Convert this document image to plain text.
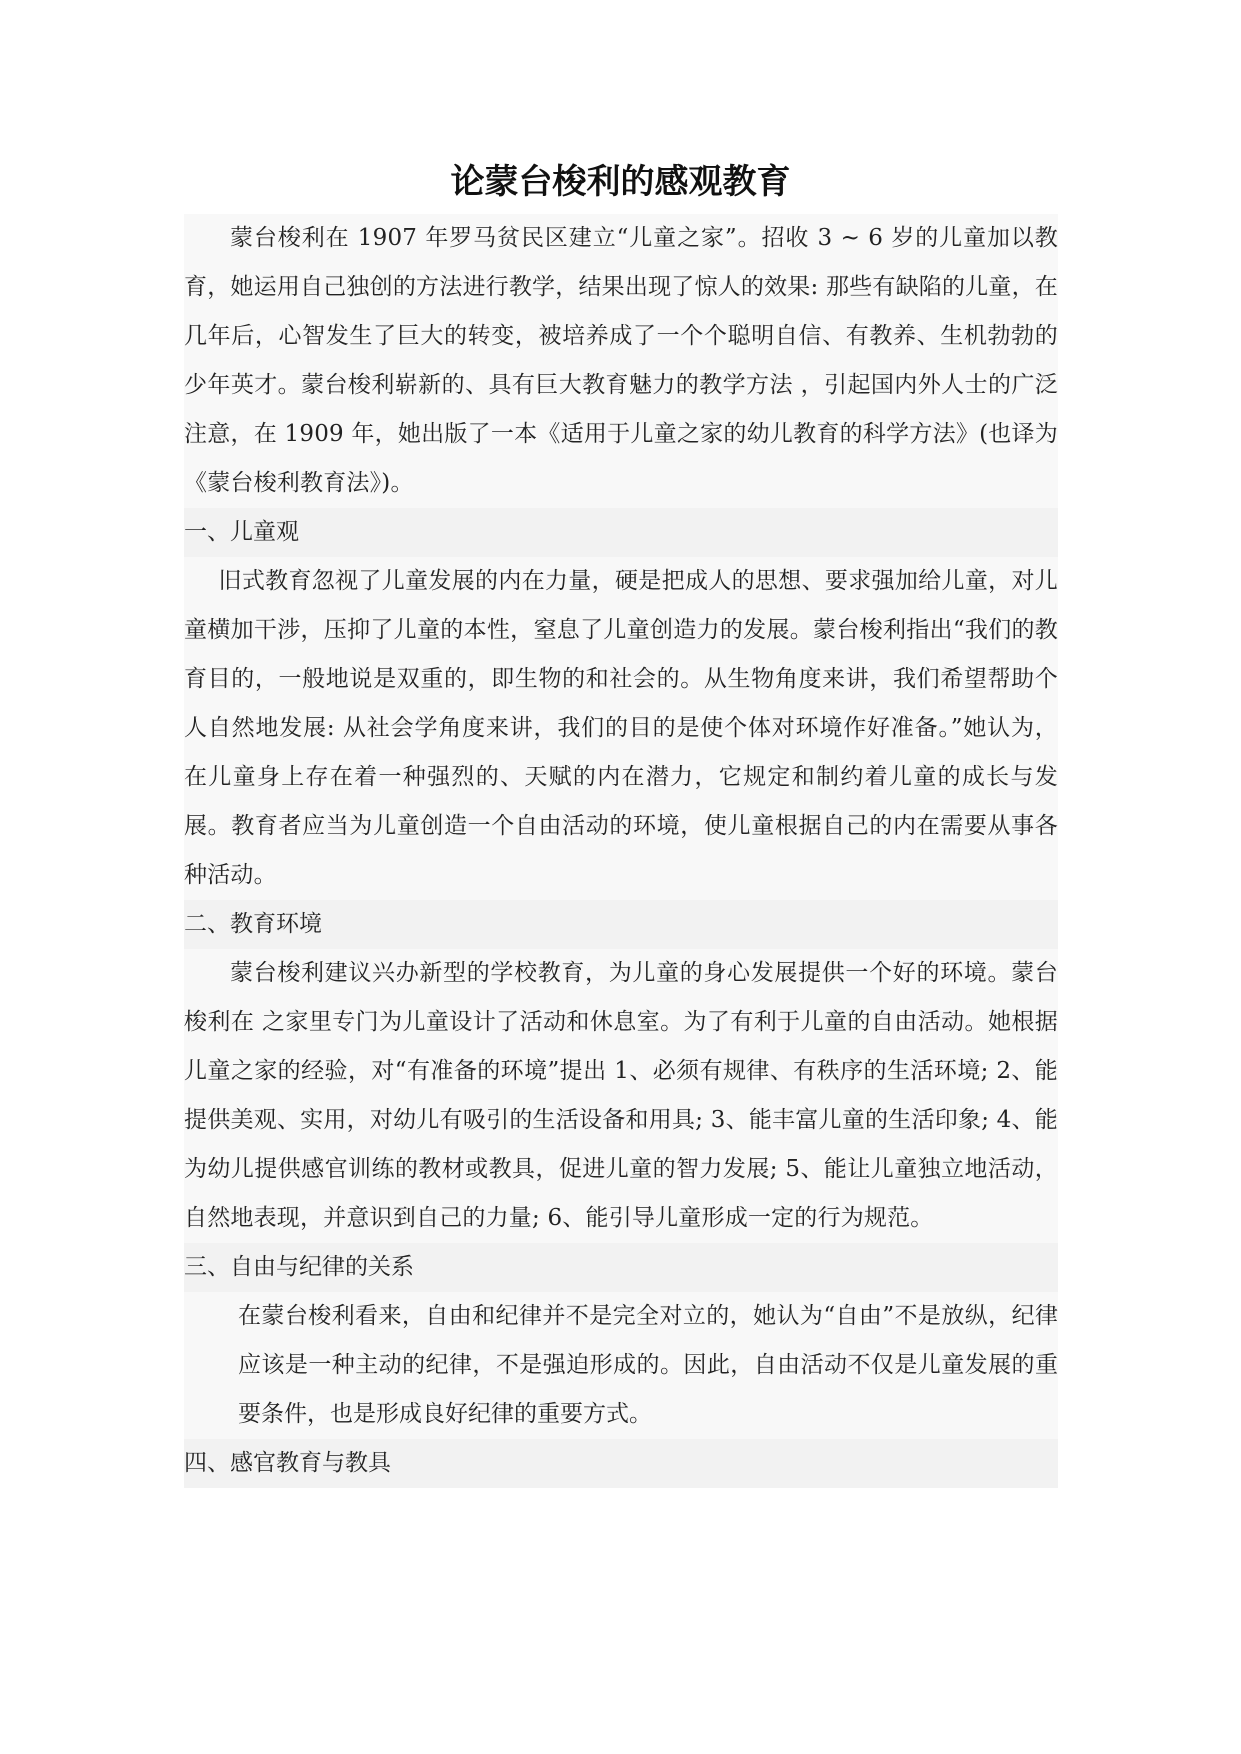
论蒙台梭利的感观教育

蒙台梭利在 1907 年罗马贫民区建立“儿童之家”。招收 3 ~ 6 岁的儿童加以教育，她运用自己独创的方法进行教学，结果出现了惊人的效果: 那些有缺陷的儿童，在几年后，心智发生了巨大的转变，被培养成了一个个聪明自信、有教养、生机勃勃的少年英才。蒙台梭利崭新的、具有巨大教育魅力的教学方法 ，引起国内外人士的广泛注意，在 1909 年，她出版了一本《适用于儿童之家的幼儿教育的科学方法》(也译为《蒙台梭利教育法》)。

一、儿童观

旧式教育忽视了儿童发展的内在力量，硬是把成人的思想、要求强加给儿童，对儿童横加干涉，压抑了儿童的本性，窒息了儿童创造力的发展。蒙台梭利指出“我们的教育目的，一般地说是双重的，即生物的和社会的。从生物角度来讲，我们希望帮助个人自然地发展: 从社会学角度来讲，我们的目的是使个体对环境作好准备。”她认为，在儿童身上存在着一种强烈的、天赋的内在潜力，它规定和制约着儿童的成长与发展。教育者应当为儿童创造一个自由活动的环境，使儿童根据自己的内在需要从事各种活动。

二、教育环境

蒙台梭利建议兴办新型的学校教育，为儿童的身心发展提供一个好的环境。蒙台梭利在 之家里专门为儿童设计了活动和休息室。为了有利于儿童的自由活动。她根据儿童之家的经验，对“有准备的环境”提出 1、必须有规律、有秩序的生活环境; 2、能提供美观、实用，对幼儿有吸引的生活设备和用具; 3、能丰富儿童的生活印象; 4、能为幼儿提供感官训练的教材或教具，促进儿童的智力发展; 5、能让儿童独立地活动，自然地表现，并意识到自己的力量; 6、能引导儿童形成一定的行为规范。

三、自由与纪律的关系

在蒙台梭利看来，自由和纪律并不是完全对立的，她认为“自由”不是放纵，纪律应该是一种主动的纪律，不是强迫形成的。因此，自由活动不仅是儿童发展的重要条件，也是形成良好纪律的重要方式。

四、感官教育与教具
